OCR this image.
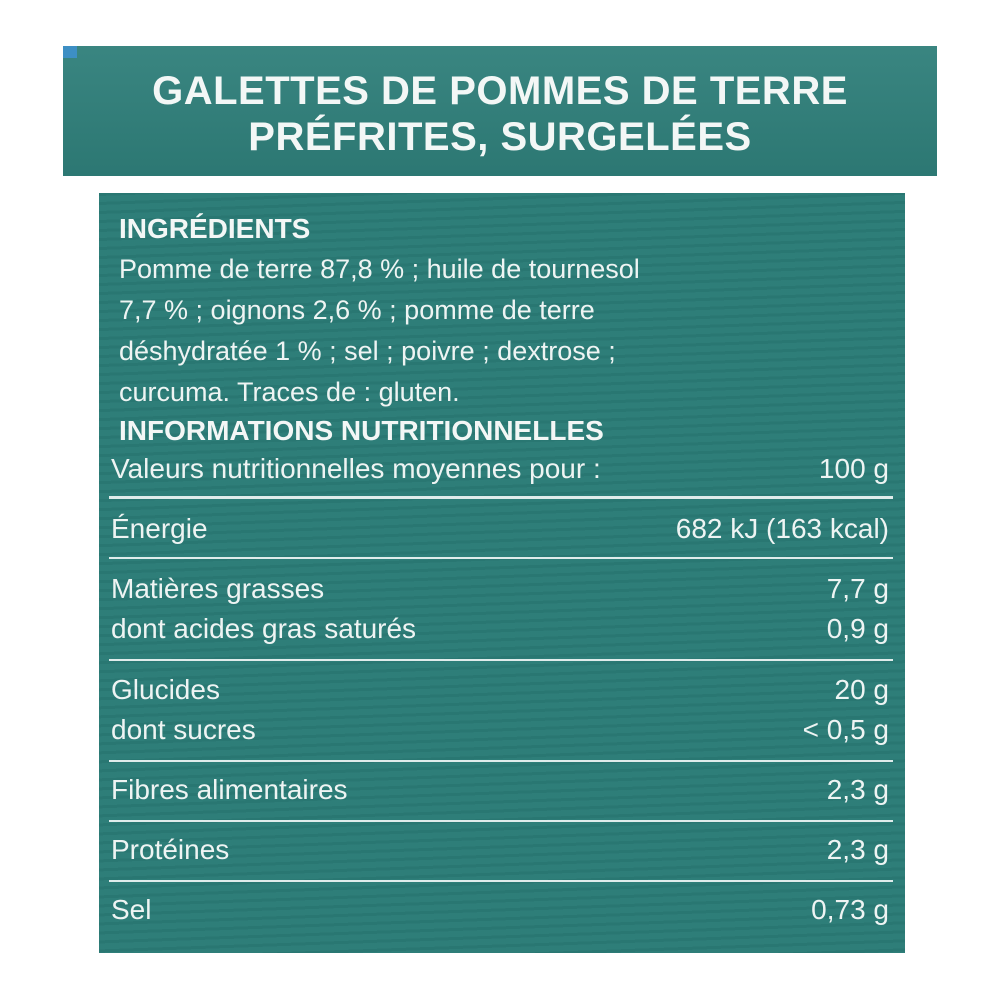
GALETTES DE POMMES DE TERRE
PRÉFRITES, SURGELÉES
INGRÉDIENTS
Pomme de terre 87,8 % ; huile de tournesol
7,7 % ; oignons 2,6 % ; pomme de terre
déshydratée 1 % ; sel ; poivre ; dextrose ;
curcuma. Traces de : gluten.
INFORMATIONS NUTRITIONNELLES
Valeurs nutritionnelles moyennes pour :	100 g
Énergie	682 kJ (163 kcal)
Matières grasses	7,7 g
dont acides gras saturés	0,9 g
Glucides	20 g
dont sucres	< 0,5 g
Fibres alimentaires	2,3 g
Protéines	2,3 g
Sel	0,73 g
